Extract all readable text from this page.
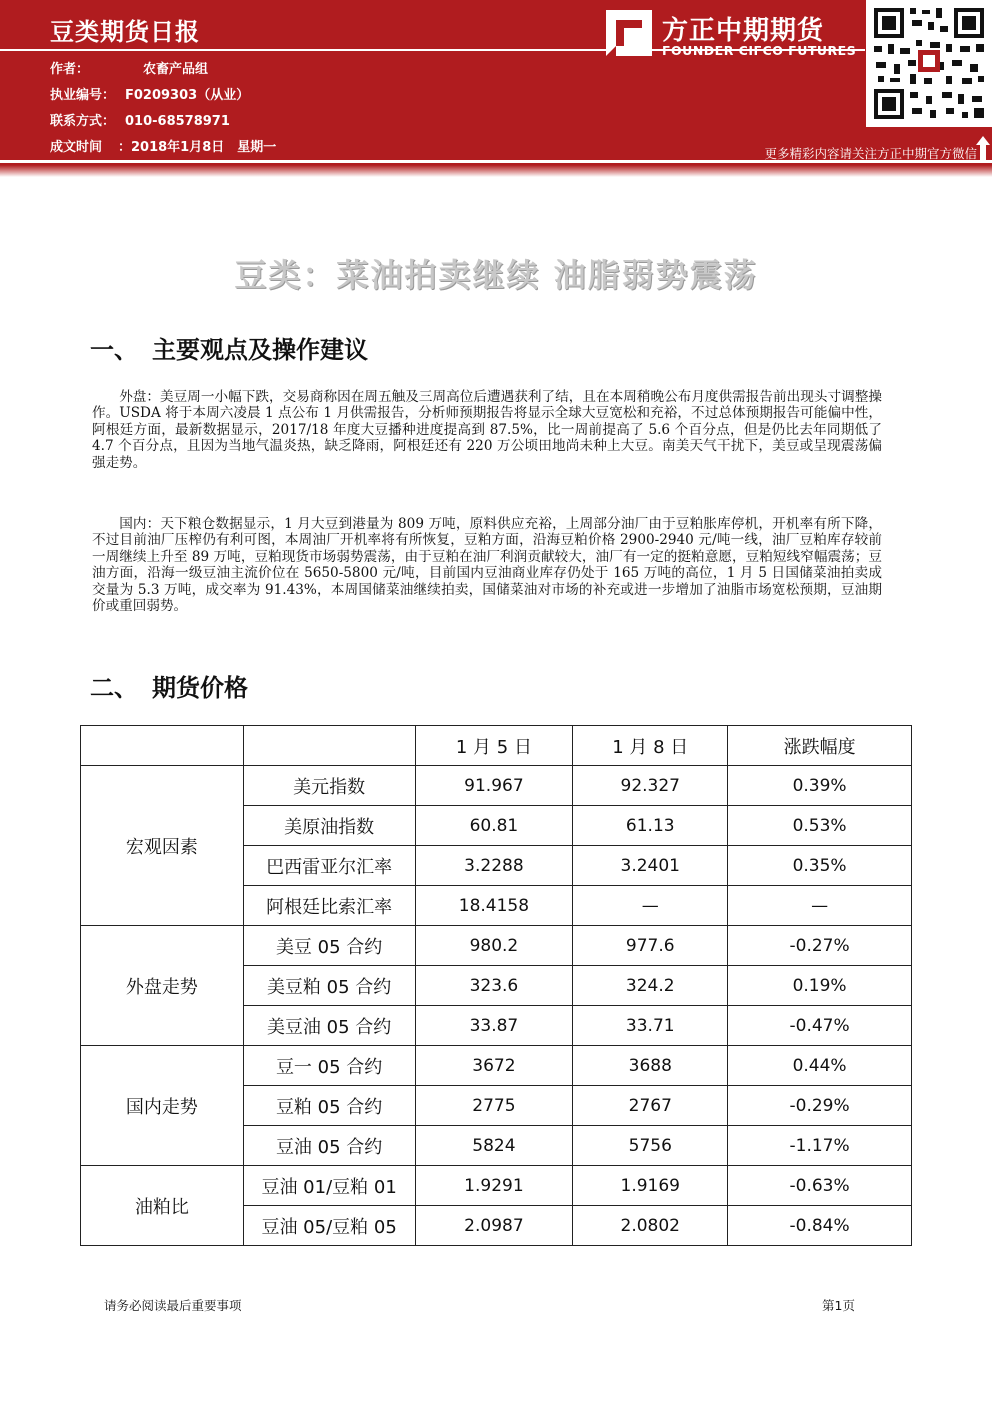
豆类期货日报
作者：	农畜产品组
执业编号： F0209303（从业）
联系方式： 010-68578971
成文时间 ：2018年1月8日　星期一
方正中期期货
FOUNDER CIFCO FUTURES
更多精彩内容请关注方正中期官方微信
豆类：菜油拍卖继续 油脂弱势震荡
一、 主要观点及操作建议
外盘：美豆周一小幅下跌，交易商称因在周五触及三周高位后遭遇获利了结，且在本周稍晚公布月度供需报告前出现头寸调整操作。USDA 将于本周六凌晨 1 点公布 1 月供需报告，分析师预期报告将显示全球大豆宽松和充裕，不过总体预期报告可能偏中性，阿根廷方面，最新数据显示，2017/18 年度大豆播种进度提高到 87.5%，比一周前提高了 5.6 个百分点，但是仍比去年同期低了 4.7 个百分点，且因为当地气温炎热，缺乏降雨，阿根廷还有 220 万公顷田地尚未种上大豆。南美天气干扰下，美豆或呈现震荡偏强走势。
国内：天下粮仓数据显示，1 月大豆到港量为 809 万吨，原料供应充裕，上周部分油厂由于豆粕胀库停机，开机率有所下降，不过目前油厂压榨仍有利可图，本周油厂开机率将有所恢复，豆粕方面，沿海豆粕价格 2900-2940 元/吨一线，油厂豆粕库存较前一周继续上升至 89 万吨，豆粕现货市场弱势震荡，由于豆粕在油厂利润贡献较大，油厂有一定的挺粕意愿，豆粕短线窄幅震荡；豆油方面，沿海一级豆油主流价位在 5650-5800 元/吨，目前国内豆油商业库存仍处于 165 万吨的高位，1 月 5 日国储菜油拍卖成交量为 5.3 万吨，成交率为 91.43%，本周国储菜油继续拍卖，国储菜油对市场的补充或进一步增加了油脂市场宽松预期，豆油期价或重回弱势。
二、 期货价格
		1 月 5 日	1 月 8 日	涨跌幅度
宏观因素	美元指数	91.967	92.327	0.39%
	美原油指数	60.81	61.13	0.53%
	巴西雷亚尔汇率	3.2288	3.2401	0.35%
	阿根廷比索汇率	18.4158	—	—
外盘走势	美豆 05 合约	980.2	977.6	-0.27%
	美豆粕 05 合约	323.6	324.2	0.19%
	美豆油 05 合约	33.87	33.71	-0.47%
国内走势	豆一 05 合约	3672	3688	0.44%
	豆粕 05 合约	2775	2767	-0.29%
	豆油 05 合约	5824	5756	-1.17%
油粕比	豆油 01/豆粕 01	1.9291	1.9169	-0.63%
	豆油 05/豆粕 05	2.0987	2.0802	-0.84%
请务必阅读最后重要事项	第1页
